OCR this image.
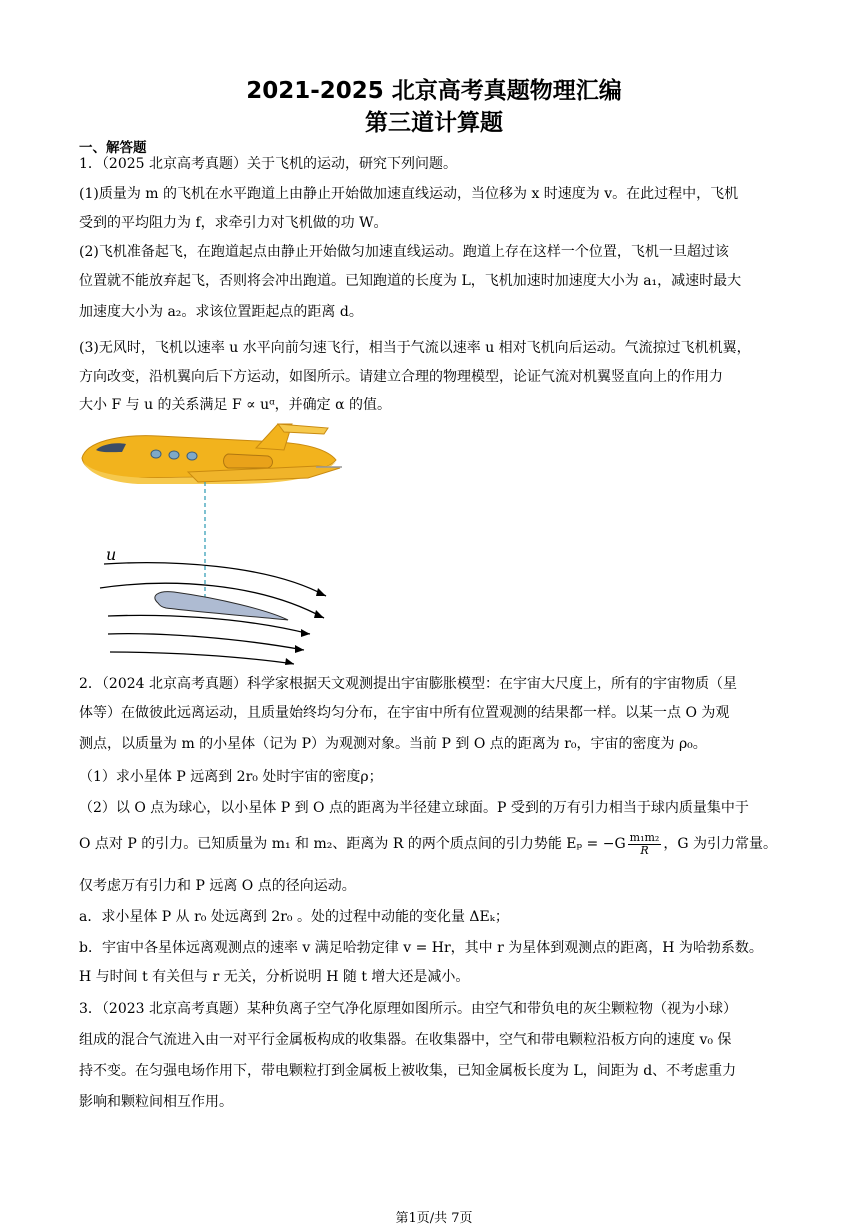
2021-2025 北京高考真题物理汇编
第三道计算题
一、解答题
1．（2025 北京高考真题）关于飞机的运动，研究下列问题。
(1)质量为 m 的飞机在水平跑道上由静止开始做加速直线运动，当位移为 x 时速度为 v。在此过程中，飞机
受到的平均阻力为 f，求牵引力对飞机做的功 W。
(2)飞机准备起飞，在跑道起点由静止开始做匀加速直线运动。跑道上存在这样一个位置，飞机一旦超过该
位置就不能放弃起飞，否则将会冲出跑道。已知跑道的长度为 L，飞机加速时加速度大小为 a₁，减速时最大
加速度大小为 a₂。求该位置距起点的距离 d。
(3)无风时，飞机以速率 u 水平向前匀速飞行，相当于气流以速率 u 相对飞机向后运动。气流掠过飞机机翼，
方向改变，沿机翼向后下方运动，如图所示。请建立合理的物理模型，论证气流对机翼竖直向上的作用力
大小 F 与 u 的关系满足 F ∝ uᵅ，并确定 α 的值。
u
2．（2024 北京高考真题）科学家根据天文观测提出宇宙膨胀模型：在宇宙大尺度上，所有的宇宙物质（星
体等）在做彼此远离运动，且质量始终均匀分布，在宇宙中所有位置观测的结果都一样。以某一点 O 为观
测点，以质量为 m 的小星体（记为 P）为观测对象。当前 P 到 O 点的距离为 r₀，宇宙的密度为 ρ₀。
（1）求小星体 P 远离到 2r₀ 处时宇宙的密度ρ；
（2）以 O 点为球心，以小星体 P 到 O 点的距离为半径建立球面。P 受到的万有引力相当于球内质量集中于
O 点对 P 的引力。已知质量为 m₁ 和 m₂、距离为 R 的两个质点间的引力势能 $E_p = -G \frac{\text{m₁m₂}}{R}$ ，G 为引力常量。
仅考虑万有引力和 P 远离 O 点的径向运动。
a．求小星体 P 从 r₀ 处远离到 2r₀ 。处的过程中动能的变化量 ΔEₖ；
b．宇宙中各星体远离观测点的速率 v 满足哈勃定律 v = Hr，其中 r 为星体到观测点的距离，H 为哈勃系数。
H 与时间 t 有关但与 r 无关，分析说明 H 随 t 增大还是减小。
3．（2023 北京高考真题）某种负离子空气净化原理如图所示。由空气和带负电的灰尘颗粒物（视为小球）
组成的混合气流进入由一对平行金属板构成的收集器。在收集器中，空气和带电颗粒沿板方向的速度 v₀ 保
持不变。在匀强电场作用下，带电颗粒打到金属板上被收集，已知金属板长度为 L，间距为 d、不考虑重力
影响和颗粒间相互作用。
第1页/共 7页
